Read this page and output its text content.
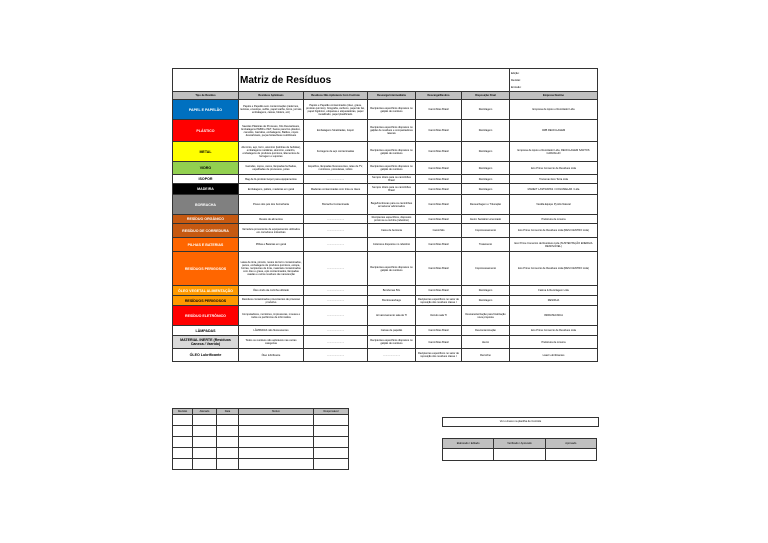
	Matriz de Resíduos					Edição:
Revisão:
Emissão:

Tipo de Resíduo	Resíduos Aplicáveis	Resíduos Não Aplicáveis Com Controle	Descarga Intermediária	Descarga/Destino	Disposição Final	Empresa Destino
PAPEL E PAPELÃO	Papéis e Papelão sem contaminação (cadernos, revistas, envelope, sulfite, papel toalha, livros, jornais, embalagens, caixas, folders, etc)	Papéis e Papelão contaminados (óleo, graxa, produto químico), fotografia, carbono, papel de fax, papel higiênico, etiquetas e etiquetadoras, papel metalizado, papel plastificado.	Recipientes específicos dispostos no galpão de resíduos	Caminhões Brasil	Reciclagem	Empresa de Apoio e Reciclador Ltda
PLÁSTICO	Sacolas Plásticas de Processo, Kits Descartáveis, Embalagens PEBD e PET, Sacos para lixo plástico, canudos, Garrafas, embalagens, Baldes, copos descartáveis, peças feitas/duas reutilizáveis	Embalagens Sinalizadas, Isopor	Recipientes específicos dispostos no galpão de resíduos e compactadores laterais	Caminhões Brasil	Reciclagem	CRB RECICLAGEM
METAL	Alumínio, aço, ferro, alumínio (latinhas de bebidas), embalagens metálicas, alumínio, estanho, embalagens de produtos químicos, Elementos de ferragem e suportes	Ferragens de aço contaminadas	Recipientes específicos dispostos no galpão de resíduos	Caminhões Brasil	Reciclagem	Empresa de Apoio e Reciclador Ltda, RECICLAGEM SANTOS CARVALHO
VIDRO	Garrafas, copos, cacos, lâmpadas fechadas, espelhadas de processos, potes	Espelhos, lâmpadas fluorescentes, telas de TV, monitores, porcelanas, vidros	Recipientes específicos dispostos no galpão de resíduos	Caminhões Brasil	Reciclagem	Eco Prime Comercio de Resíduos Ltda
ISOPOR	Bag de bi-produto Isopor para equipamentos	........................	Sempre direto para os caminhões Brasil	Caminhões Brasil	Reciclagem	Transmax Eco Tetra Ltda
MADEIRA	Embalagens, pallets, madeiras em geral	Madeiras contaminadas com tinta ou óleos	Sempre direto para os caminhões Brasil	Caminhões Brasil	Reciclagem	MADEIT LASTRAPAS / COGUMELAR / Ltda
BORRACHA	Pneus dos pés dos borracharia	Borracha Contaminada	Bags/bombonas para os caminhões armazenar adicionados	Caminhões Brasil	Recauchagem e Trituração	Viedda Equipe Pyrolis Natural
RESÍDUO ORGÂNICO	Restos de alimentos	........................	Recipientes específicos, dispostos próximos à cozinha (refeitório)	Caminhões Brasil	Aterro Sanitário Licenciado	Prefeitura de Limeira
RESÍDUO DE CORREDURA	Varredura proveniente de equipamentos utilizados em corredores industriais	........................	Caixa de bentonia	Caminhão	Coprocessamento	Eco Prime Comercio de Resíduos Ltda (RESI CENTRO Ltda)
PILHAS E BATERIAS	Pilhas e Baterias em geral	........................	Coletores dispostos no refeitório	Caminhões Brasil	Tratamento	Eco Prime Comercio de Resíduos Ltda (SUSTENTAÇÃO ENERGIA RENOVÁVEL)
RESÍDUOS PERIGOSOS	Latas de tinta, pincéis, restos de ferro contaminados, panos, embalagens de produtos químicos, estopa, borras, recipientes de tinta, materiais contaminados com óleo e graxa, epis contaminados, lâmpadas usadas e outros resíduos da manutenção	........................	Recipientes específicos dispostos no galpão de resíduos	Caminhões Brasil	Coprocessamento	Eco Prime Comercio de Resíduos Ltda (RESI CENTRO Ltda)
ÓLEO VEGETAL ALIMENTAÇÃO	Óleo vindo da cozinha utilizado	........................	Bombonas 50L	Caminhões Brasil	Reciclagem	Fatima & Reciclagem Ltda
RESÍDUOS PERIGOSOS	Resíduos contaminados provenientes de processo produtivo	........................	Bombonas/bags	Recipientes específicos no setor de reposição dos resíduos classe I	Reciclagem	RESIDUA
RESÍDUO ELETRÔNICO	Computadores, monitores, impressoras, mouses e todos os periféricos de informática	........................	Armazenamento sala de TI	Veículo sala TI	Descaracterização para finalização nova proposta	INFRATECNICA
LÂMPADAS	LÂMPADAS não fluorescentes	........................	Caixas de papelão	Caminhões Brasil	Descontaminação	Eco Prime Comercio de Resíduos Ltda
MATERIAL INERTE (Resíduos Caneca / Varrido)	Todos os resíduos não aplicáveis nas outras categorias	........................	Recipientes específicos dispostos no galpão de resíduos	Caminhões Brasil	Aterro	Prefeitura de Limeira
ÓLEO Lubrificante	Óleo lubrificante	........................	........................	Recipientes específicos no setor de reposição dos resíduos classe I	Rerrefino	Lwart Lubrificantes
Revisão	Alterado	Data	Motivo	Responsável

Ver o Anexo na planilha de Controle
Elaborado / Editado	Verificado / Aprovado	Aprovado
